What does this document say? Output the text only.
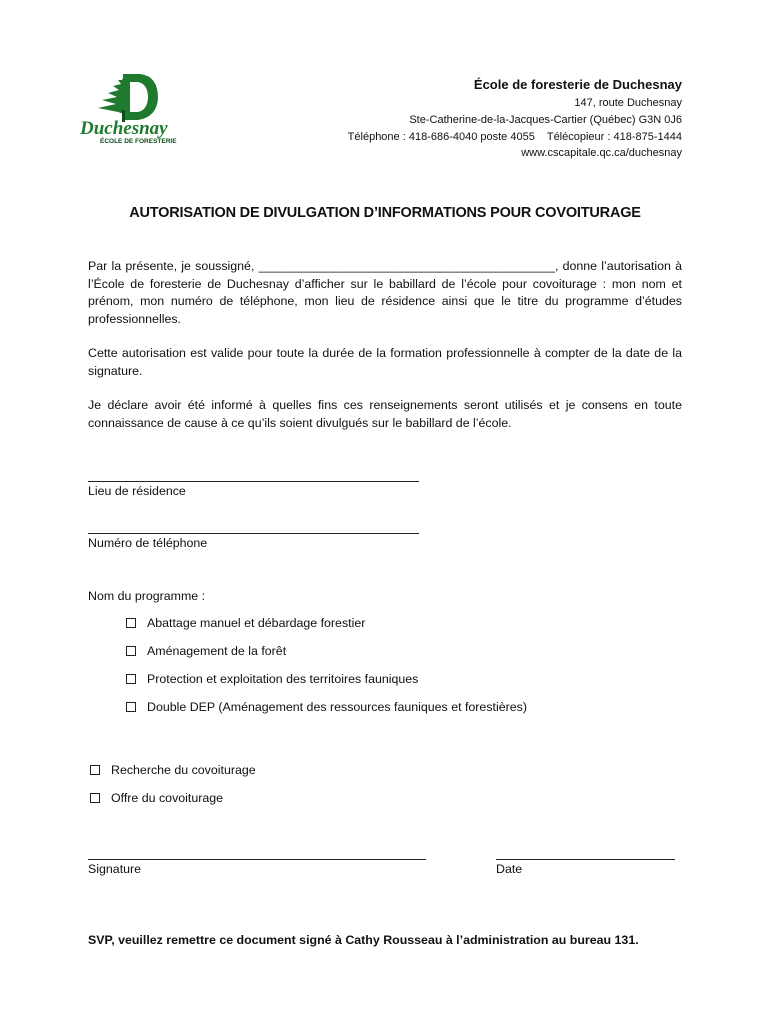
Duchesnay
ÉCOLE DE FORESTERIE
École de foresterie de Duchesnay
147, route Duchesnay
Ste-Catherine-de-la-Jacques-Cartier (Québec) G3N 0J6
Téléphone : 418-686-4040 poste 4055    Télécopieur : 418-875-1444
www.cscapitale.qc.ca/duchesnay
AUTORISATION DE DIVULGATION D’INFORMATIONS POUR COVOITURAGE
Par la présente, je soussigné, ___________________________________________, donne l’autorisation à l’École de foresterie de Duchesnay d’afficher sur le babillard de l’école pour covoiturage : mon nom et prénom, mon numéro de téléphone, mon lieu de résidence ainsi que le titre du programme d’études professionnelles.
Cette autorisation est valide pour toute la durée de la formation professionnelle à compter de la date de la signature.
Je déclare avoir été informé à quelles fins ces renseignements seront utilisés et je consens en toute connaissance de cause à ce qu’ils soient divulgués sur le babillard de l’école.
Lieu de résidence
Numéro de téléphone
Nom du programme :
Abattage manuel et débardage forestier
Aménagement de la forêt
Protection et exploitation des territoires fauniques
Double DEP (Aménagement des ressources fauniques et forestières)
Recherche du covoiturage
Offre du covoiturage
Signature	Date
SVP, veuillez remettre ce document signé à Cathy Rousseau à l’administration au bureau 131.
